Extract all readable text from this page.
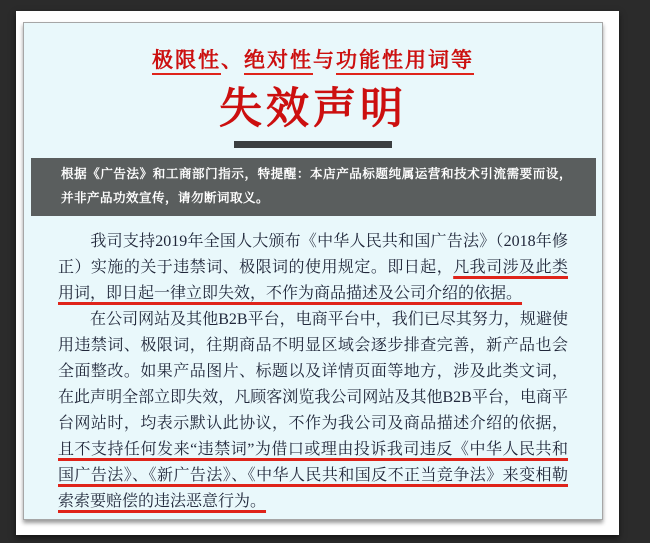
极限性、绝对性与功能性用词等
失效声明
根据《广告法》和工商部门指示，特提醒：本店产品标题纯属运营和技术引流需要而设，并非产品功效宣传，请勿断词取义。

　　我司支持2019年全国人大颁布《中华人民共和国广告法》（2018年修正）实施的关于违禁词、极限词的使用规定。即日起，凡我司涉及此类用词，即日起一律立即失效，不作为商品描述及公司介绍的依据。

　　在公司网站及其他B2B平台，电商平台中，我们已尽其努力，规避使用违禁词、极限词，往期商品不明显区域会逐步排查完善，新产品也会全面整改。如果产品图片、标题以及详情页面等地方，涉及此类文词，在此声明全部立即失效，凡顾客浏览我公司网站及其他B2B平台，电商平台网站时，均表示默认此协议，不作为我公司及商品描述介绍的依据，且不支持任何发来“违禁词”为借口或理由投诉我司违反《中华人民共和国广告法》、《新广告法》、《中华人民共和国反不正当竞争法》来变相勒索索要赔偿的违法恶意行为。
